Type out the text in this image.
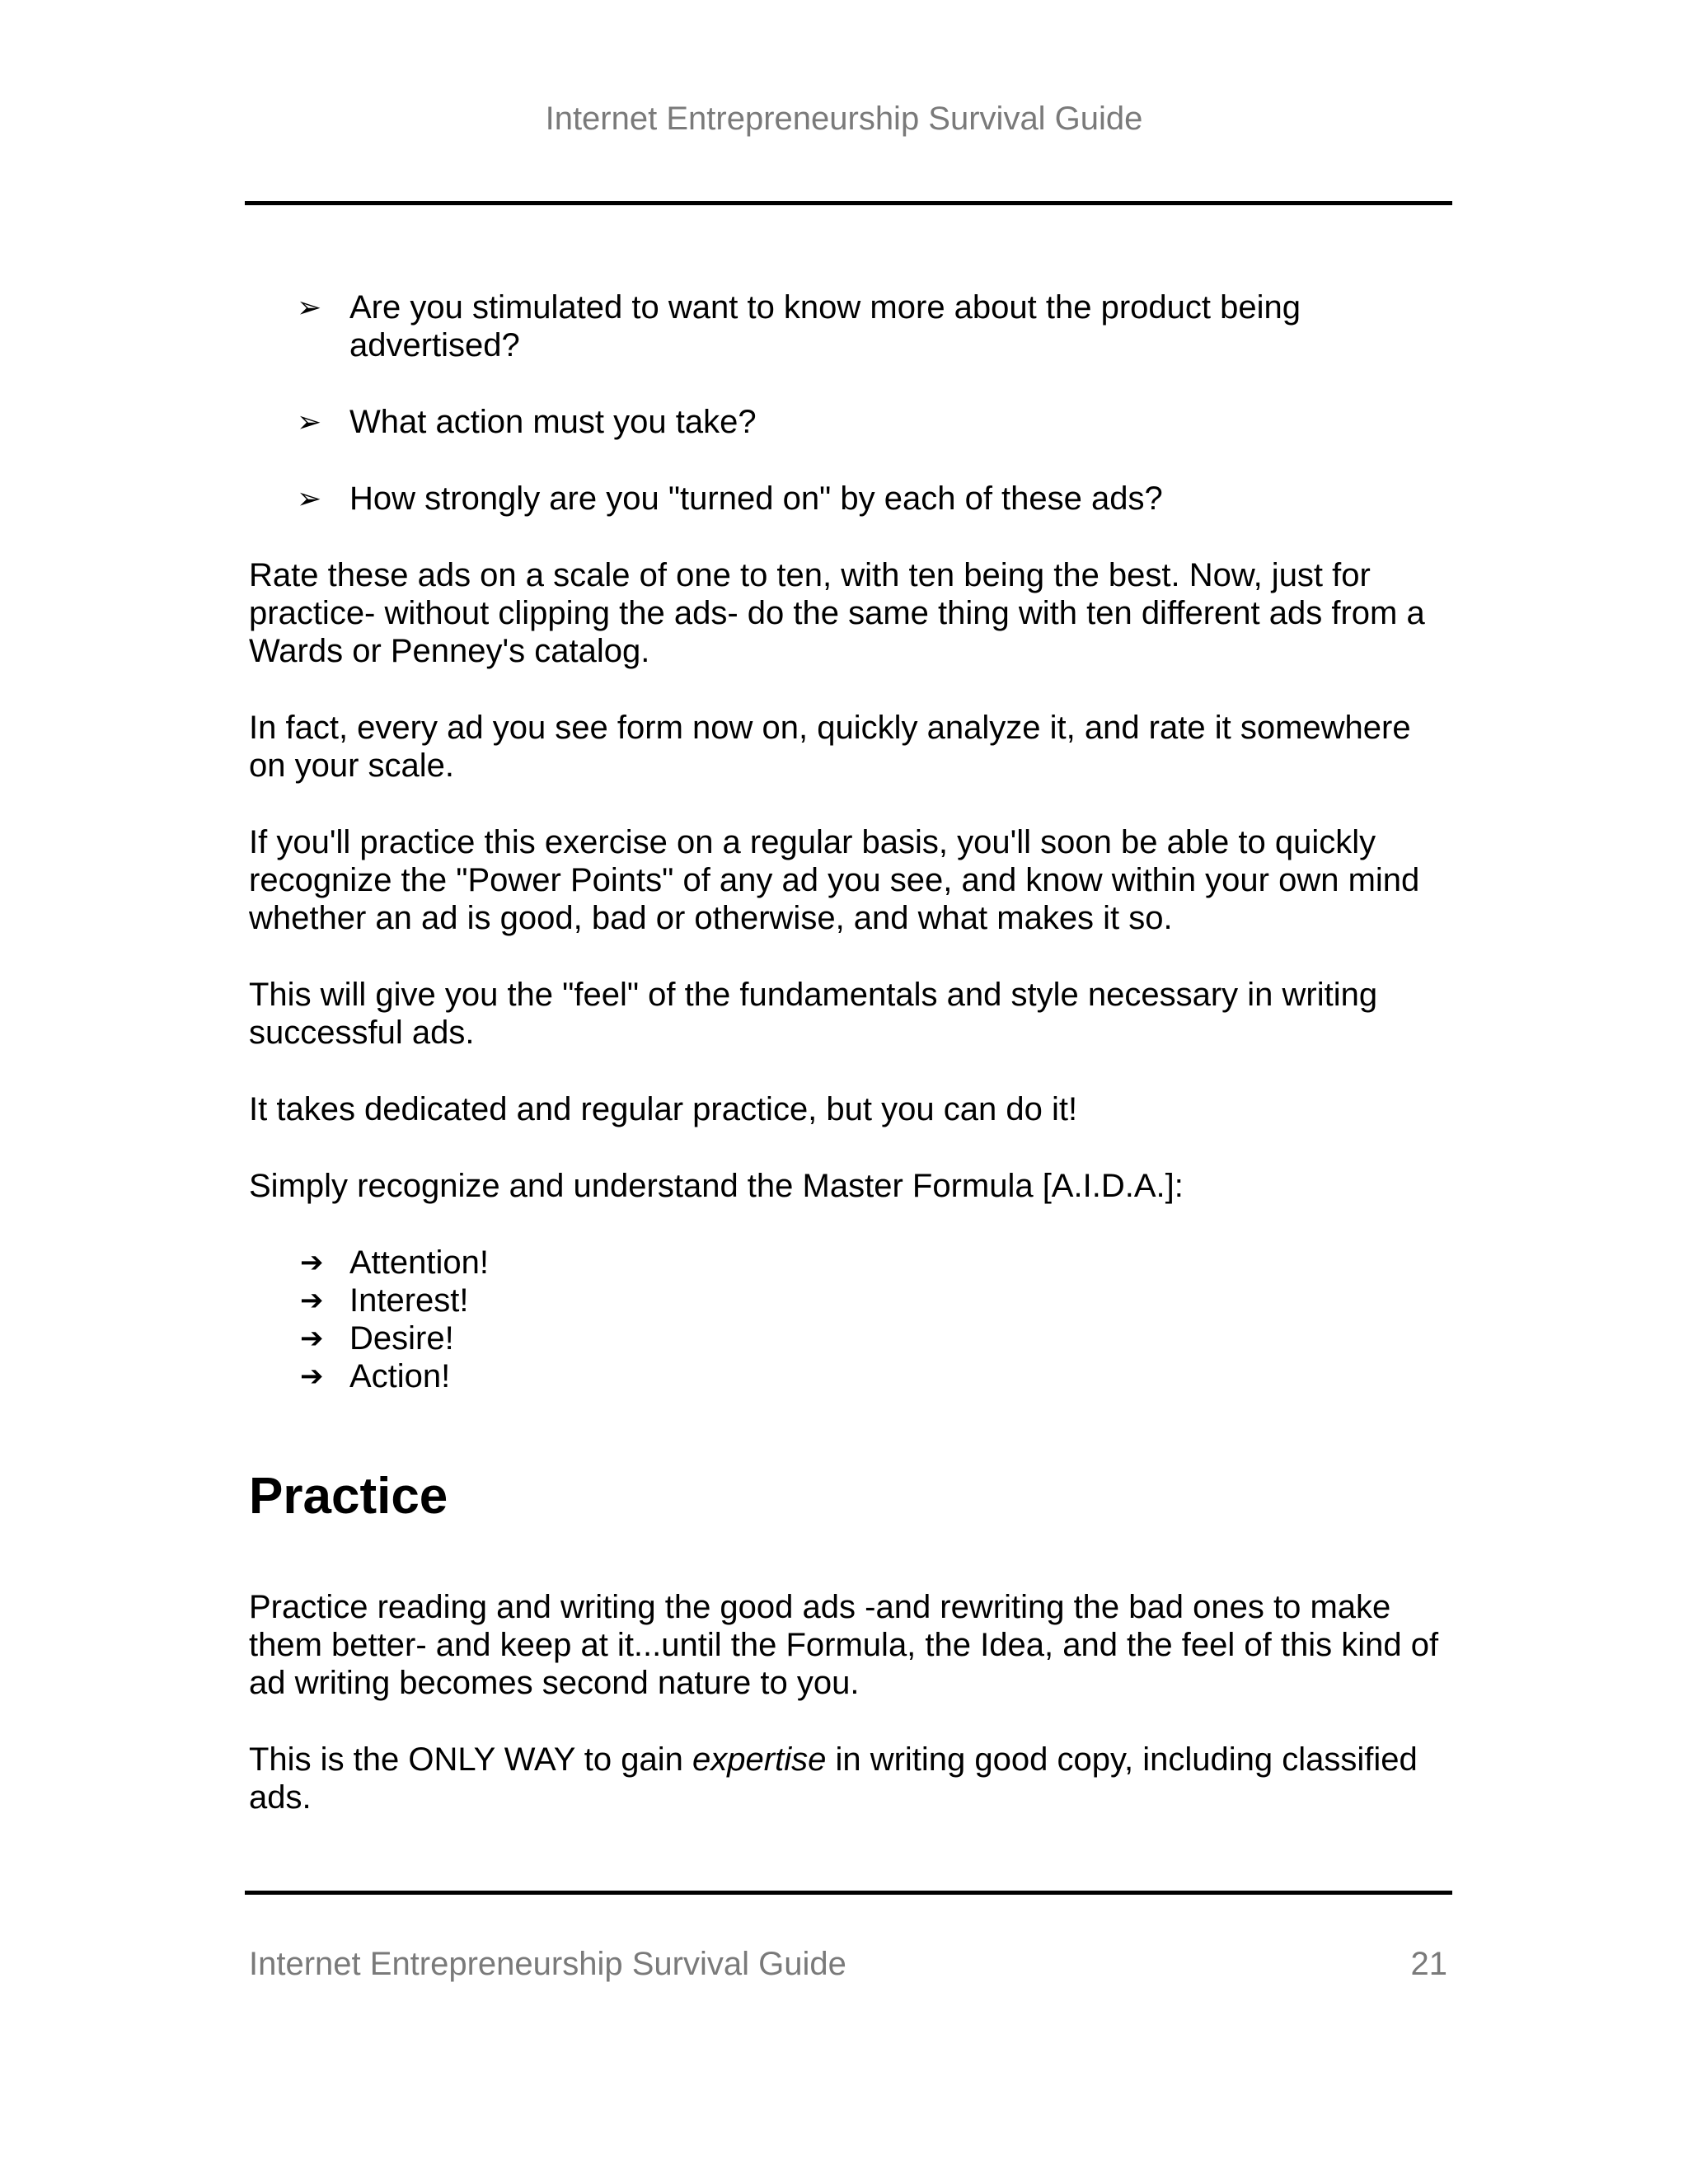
Internet Entrepreneurship Survival Guide
➢ Are you stimulated to want to know more about the product being advertised?
➢ What action must you take?
➢ How strongly are you "turned on" by each of these ads?

Rate these ads on a scale of one to ten, with ten being the best. Now, just for practice- without clipping the ads- do the same thing with ten different ads from a Wards or Penney's catalog.

In fact, every ad you see form now on, quickly analyze it, and rate it somewhere on your scale.

If you'll practice this exercise on a regular basis, you'll soon be able to quickly recognize the "Power Points" of any ad you see, and know within your own mind whether an ad is good, bad or otherwise, and what makes it so.

This will give you the "feel" of the fundamentals and style necessary in writing successful ads.

It takes dedicated and regular practice, but you can do it!

Simply recognize and understand the Master Formula [A.I.D.A.]:

➔ Attention!
➔ Interest!
➔ Desire!
➔ Action!
Practice

Practice reading and writing the good ads -and rewriting the bad ones to make them better- and keep at it...until the Formula, the Idea, and the feel of this kind of ad writing becomes second nature to you.

This is the ONLY WAY to gain expertise in writing good copy, including classified ads.

Internet Entrepreneurship Survival Guide	21
